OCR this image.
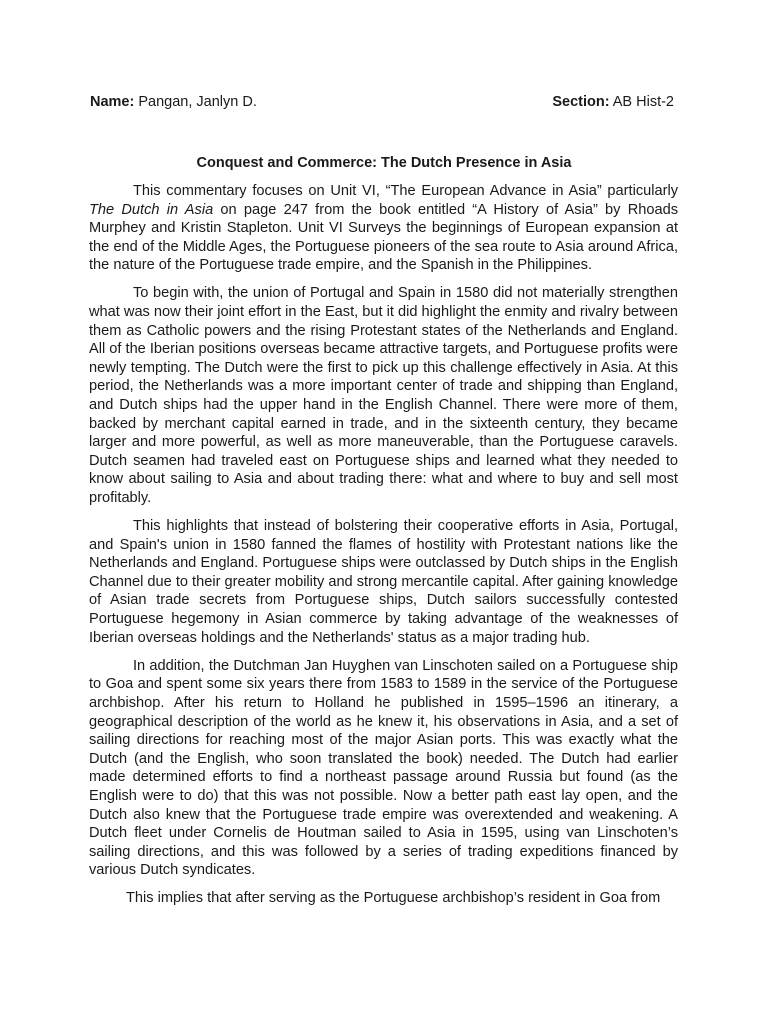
Name: Pangan, Janlyn D.	Section: AB Hist-2
Conquest and Commerce: The Dutch Presence in Asia

This commentary focuses on Unit VI, “The European Advance in Asia” particularly The Dutch in Asia on page 247 from the book entitled “A History of Asia” by Rhoads Murphey and Kristin Stapleton. Unit VI Surveys the beginnings of European expansion at the end of the Middle Ages, the Portuguese pioneers of the sea route to Asia around Africa, the nature of the Portuguese trade empire, and the Spanish in the Philippines.

To begin with, the union of Portugal and Spain in 1580 did not materially strengthen what was now their joint effort in the East, but it did highlight the enmity and rivalry between them as Catholic powers and the rising Protestant states of the Netherlands and England. All of the Iberian positions overseas became attractive targets, and Portuguese profits were newly tempting. The Dutch were the first to pick up this challenge effectively in Asia. At this period, the Netherlands was a more important center of trade and shipping than England, and Dutch ships had the upper hand in the English Channel. There were more of them, backed by merchant capital earned in trade, and in the sixteenth century, they became larger and more powerful, as well as more maneuverable, than the Portuguese caravels. Dutch seamen had traveled east on Portuguese ships and learned what they needed to know about sailing to Asia and about trading there: what and where to buy and sell most profitably.

This highlights that instead of bolstering their cooperative efforts in Asia, Portugal, and Spain's union in 1580 fanned the flames of hostility with Protestant nations like the Netherlands and England. Portuguese ships were outclassed by Dutch ships in the English Channel due to their greater mobility and strong mercantile capital. After gaining knowledge of Asian trade secrets from Portuguese ships, Dutch sailors successfully contested Portuguese hegemony in Asian commerce by taking advantage of the weaknesses of Iberian overseas holdings and the Netherlands' status as a major trading hub.

In addition, the Dutchman Jan Huyghen van Linschoten sailed on a Portuguese ship to Goa and spent some six years there from 1583 to 1589 in the service of the Portuguese archbishop. After his return to Holland he published in 1595–1596 an itinerary, a geographical description of the world as he knew it, his observations in Asia, and a set of sailing directions for reaching most of the major Asian ports. This was exactly what the Dutch (and the English, who soon translated the book) needed. The Dutch had earlier made determined efforts to find a northeast passage around Russia but found (as the English were to do) that this was not possible. Now a better path east lay open, and the Dutch also knew that the Portuguese trade empire was overextended and weakening. A Dutch fleet under Cornelis de Houtman sailed to Asia in 1595, using van Linschoten’s sailing directions, and this was followed by a series of trading expeditions financed by various Dutch syndicates.

This implies that after serving as the Portuguese archbishop’s resident in Goa from
